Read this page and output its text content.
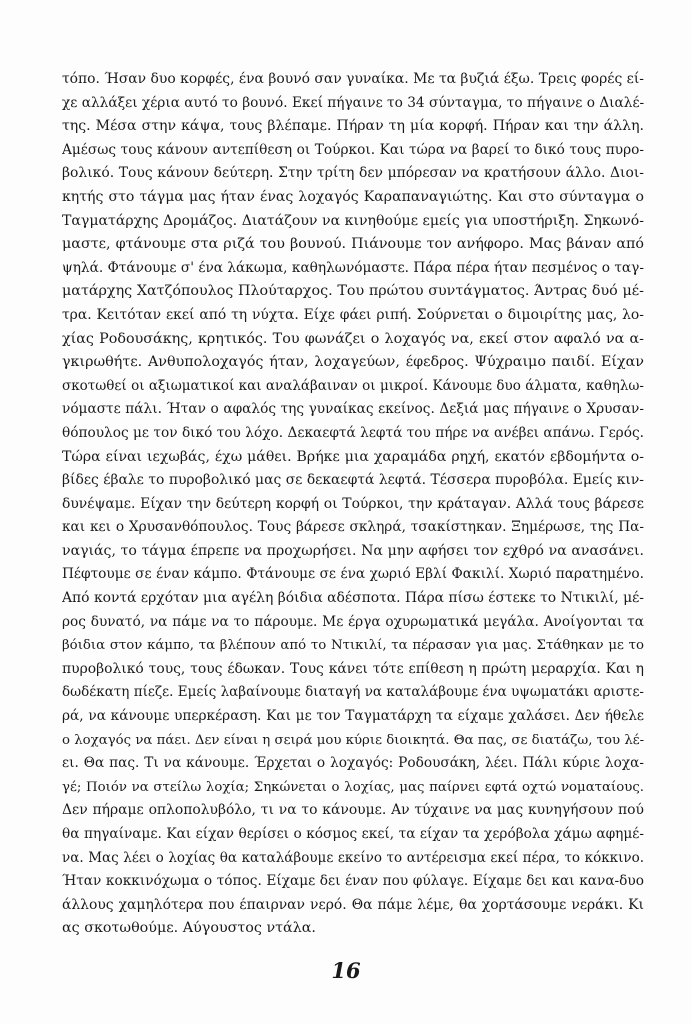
τόπο. Ήσαν δυο κορφές, ένα βουνό σαν γυναίκα. Με τα βυζιά έξω. Τρεις φορές εί-
χε αλλάξει χέρια αυτό το βουνό. Εκεί πήγαινε το 34 σύνταγμα, το πήγαινε ο Διαλέ-
της. Μέσα στην κάψα, τους βλέπαμε. Πήραν τη μία κορφή. Πήραν και την άλλη.
Αμέσως τους κάνουν αντεπίθεση οι Τούρκοι. Και τώρα να βαρεί το δικό τους πυρο-
βολικό. Τους κάνουν δεύτερη. Στην τρίτη δεν μπόρεσαν να κρατήσουν άλλο. Διοι-
κητής στο τάγμα μας ήταν ένας λοχαγός Καραπαναγιώτης. Και στο σύνταγμα ο
Ταγματάρχης Δρομάζος. Διατάζουν να κινηθούμε εμείς για υποστήριξη. Σηκωνό-
μαστε, φτάνουμε στα ριζά του βουνού. Πιάνουμε τον ανήφορο. Μας βάναν από
ψηλά. Φτάνουμε σ' ένα λάκωμα, καθηλωνόμαστε. Πάρα πέρα ήταν πεσμένος ο ταγ-
ματάρχης Χατζόπουλος Πλούταρχος. Του πρώτου συντάγματος. Άντρας δυό μέ-
τρα. Κειτόταν εκεί από τη νύχτα. Είχε φάει ριπή. Σούρνεται ο διμοιρίτης μας, λο-
χίας Ροδουσάκης, κρητικός. Του φωνάζει ο λοχαγός να, εκεί στον αφαλό να α-
γκιρωθήτε. Ανθυπολοχαγός ήταν, λοχαγεύων, έφεδρος. Ψύχραιμο παιδί. Είχαν
σκοτωθεί οι αξιωματικοί και αναλάβαιναν οι μικροί. Κάνουμε δυο άλματα, καθηλω-
νόμαστε πάλι. Ήταν ο αφαλός της γυναίκας εκείνος. Δεξιά μας πήγαινε ο Χρυσαν-
θόπουλος με τον δικό του λόχο. Δεκαεφτά λεφτά του πήρε να ανέβει απάνω. Γερός.
Τώρα είναι ιεχωβάς, έχω μάθει. Βρήκε μια χαραμάδα ρηχή, εκατόν εβδομήντα ο-
βίδες έβαλε το πυροβολικό μας σε δεκαεφτά λεφτά. Τέσσερα πυροβόλα. Εμείς κιν-
δυνέψαμε. Είχαν την δεύτερη κορφή οι Τούρκοι, την κράταγαν. Αλλά τους βάρεσε
και κει ο Χρυσανθόπουλος. Τους βάρεσε σκληρά, τσακίστηκαν. Ξημέρωσε, της Πα-
ναγιάς, το τάγμα έπρεπε να προχωρήσει. Να μην αφήσει τον εχθρό να ανασάνει.
Πέφτουμε σε έναν κάμπο. Φτάνουμε σε ένα χωριό Εβλί Φακιλί. Χωριό παρατημένο.
Από κοντά ερχόταν μια αγέλη βόιδια αδέσποτα. Πάρα πίσω έστεκε το Ντικιλί, μέ-
ρος δυνατό, να πάμε να το πάρουμε. Με έργα οχυρωματικά μεγάλα. Ανοίγονται τα
βόιδια στον κάμπο, τα βλέπουν από το Ντικιλί, τα πέρασαν για μας. Στάθηκαν με το
πυροβολικό τους, τους έδωκαν. Τους κάνει τότε επίθεση η πρώτη μεραρχία. Και η
δωδέκατη πίεζε. Εμείς λαβαίνουμε διαταγή να καταλάβουμε ένα υψωματάκι αριστε-
ρά, να κάνουμε υπερκέραση. Και με τον Ταγματάρχη τα είχαμε χαλάσει. Δεν ήθελε
ο λοχαγός να πάει. Δεν είναι η σειρά μου κύριε διοικητά. Θα πας, σε διατάζω, του λέ-
ει. Θα πας. Τι να κάνουμε. Έρχεται ο λοχαγός: Ροδουσάκη, λέει. Πάλι κύριε λοχα-
γέ; Ποιόν να στείλω λοχία; Σηκώνεται ο λοχίας, μας παίρνει εφτά οχτώ νοματαίους.
Δεν πήραμε οπλοπολυβόλο, τι να το κάνουμε. Αν τύχαινε να μας κυνηγήσουν πού
θα πηγαίναμε. Και είχαν θερίσει ο κόσμος εκεί, τα είχαν τα χερόβολα χάμω αφημέ-
να. Μας λέει ο λοχίας θα καταλάβουμε εκείνο το αντέρεισμα εκεί πέρα, το κόκκινο.
Ήταν κοκκινόχωμα ο τόπος. Είχαμε δει έναν που φύλαγε. Είχαμε δει και κανα-δυο
άλλους χαμηλότερα που έπαιρναν νερό. Θα πάμε λέμε, θα χορτάσουμε νεράκι. Κι
ας σκοτωθούμε. Αύγουστος ντάλα.
16
